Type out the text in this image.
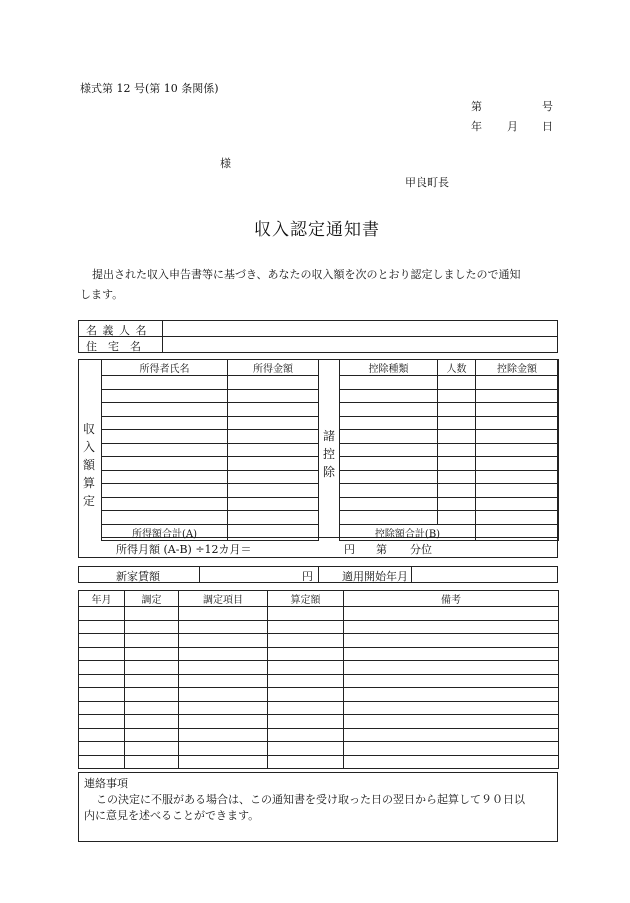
様式第 12 号(第 10 条関係)
第	号
年 月 日
様
甲良町長
収入認定通知書
提出された収入申告書等に基づき、あなたの収入額を次のとおり認定しましたので通知
します。
名 義 人 名
住　宅　名
収
入
額
算
定
所得者氏名	所得金額

所得額合計(A)	
諸
控
除
控除種類	人数	控除金額

控除額合計(B)		
所得月額 (A-B) ÷12カ月＝	円 第 分位
新家賃額	円	適用開始年月
年月	調定	調定項目	算定額	備考

連絡事項
この決定に不服がある場合は、この通知書を受け取った日の翌日から起算して９０日以
内に意見を述べることができます。
